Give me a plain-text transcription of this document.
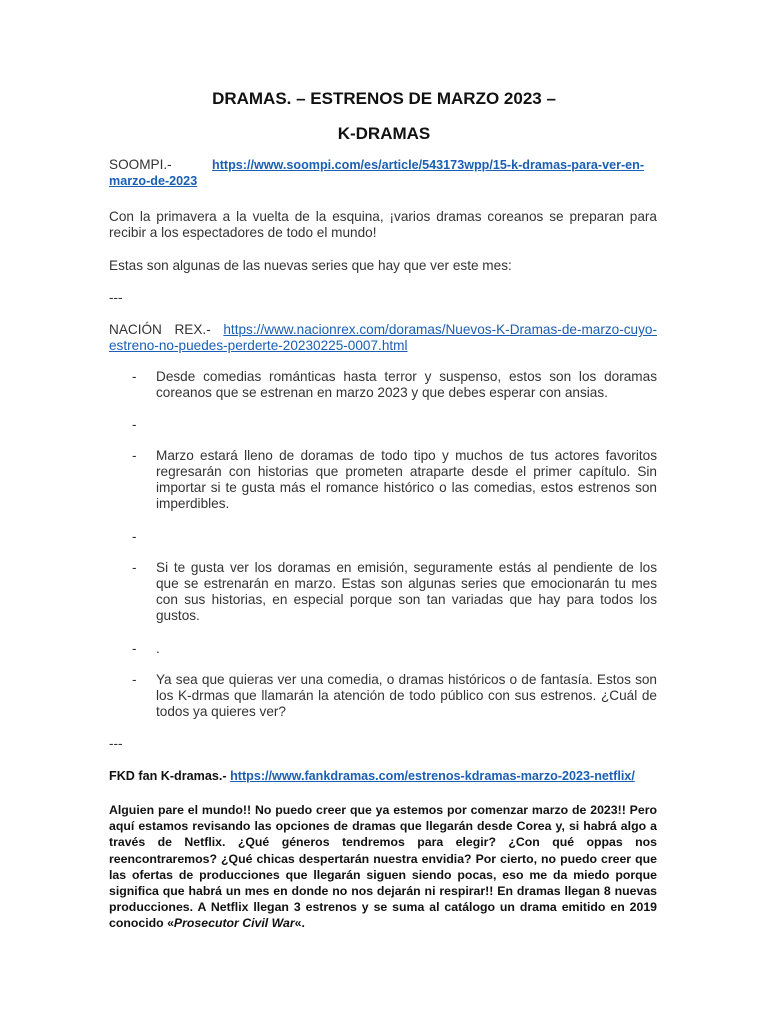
DRAMAS. – ESTRENOS DE MARZO 2023 –
K-DRAMAS

SOOMPI.-	https://www.soompi.com/es/article/543173wpp/15-k-dramas-para-ver-en-marzo-de-2023

Con la primavera a la vuelta de la esquina, ¡varios dramas coreanos se preparan para recibir a los espectadores de todo el mundo!

Estas son algunas de las nuevas series que hay que ver este mes:

---

NACIÓN REX.- https://www.nacionrex.com/doramas/Nuevos-K-Dramas-de-marzo-cuyo-estreno-no-puedes-perderte-20230225-0007.html

- Desde comedias románticas hasta terror y suspenso, estos son los doramas coreanos que se estrenan en marzo 2023 y que debes esperar con ansias.
-

- Marzo estará lleno de doramas de todo tipo y muchos de tus actores favoritos regresarán con historias que prometen atraparte desde el primer capítulo. Sin importar si te gusta más el romance histórico o las comedias, estos estrenos son imperdibles.
-

- Si te gusta ver los doramas en emisión, seguramente estás al pendiente de los que se estrenarán en marzo. Estas son algunas series que emocionarán tu mes con sus historias, en especial porque son tan variadas que hay para todos los gustos.
- .
- Ya sea que quieras ver una comedia, o dramas históricos o de fantasía. Estos son los K-drmas que llamarán la atención de todo público con sus estrenos. ¿Cuál de todos ya quieres ver?

---

FKD fan K-dramas.- https://www.fankdramas.com/estrenos-kdramas-marzo-2023-netflix/

Alguien pare el mundo!! No puedo creer que ya estemos por comenzar marzo de 2023!! Pero aquí estamos revisando las opciones de dramas que llegarán desde Corea y, si habrá algo a través de Netflix. ¿Qué géneros tendremos para elegir? ¿Con qué oppas nos reencontraremos? ¿Qué chicas despertarán nuestra envidia? Por cierto, no puedo creer que las ofertas de producciones que llegarán siguen siendo pocas, eso me da miedo porque significa que habrá un mes en donde no nos dejarán ni respirar!! En dramas llegan 8 nuevas producciones. A Netflix llegan 3 estrenos y se suma al catálogo un drama emitido en 2019 conocido «Prosecutor Civil War«.
